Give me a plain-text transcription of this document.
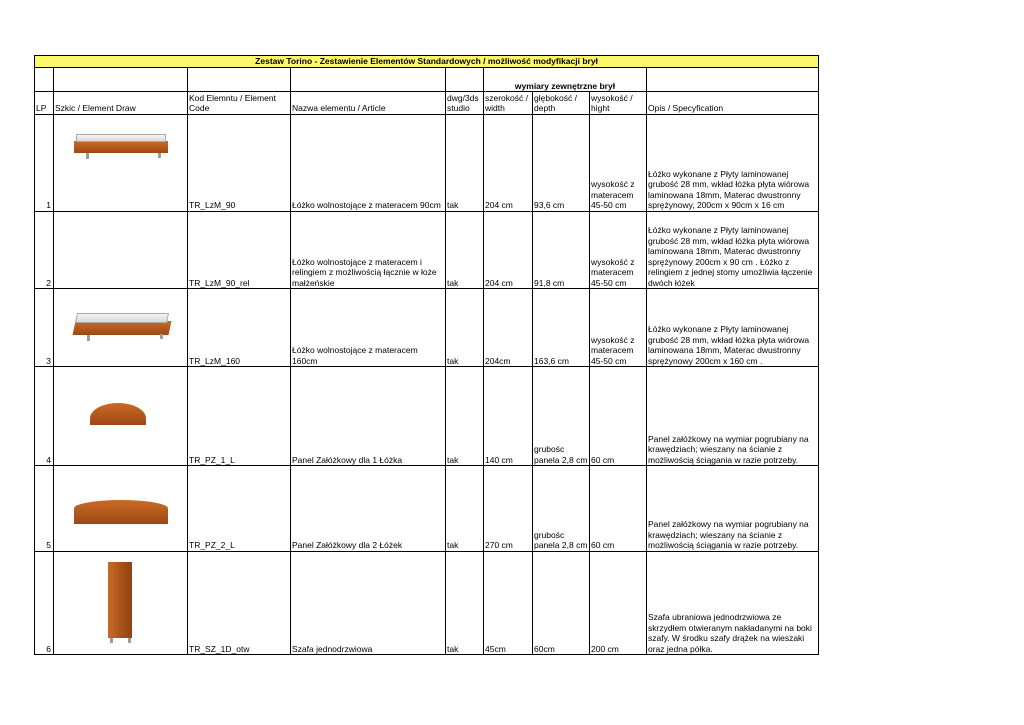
Zestaw Torino - Zestawienie Elementów Standardowych / możliwość modyfikacji brył								
					wymiary zewnętrzne brył			
LP	Szkic / Element Draw	Kod Elemntu / Element Code	Nazwa elementu / Article	dwg/3ds studio	szerokość / width	głębokość / depth	wysokość / hight	Opis / Specyfication
1		TR_LzM_90	Łóżko wolnostojące z materacem 90cm	tak	204 cm	93,6 cm	wysokość z materacem 45-50 cm	Łóżko wykonane z Płyty laminowanej grubość 28 mm, wkład łóżka płyta wiórowa laminowana 18mm, Materac dwustronny sprężynowy, 200cm x 90cm x 16 cm
2		TR_LzM_90_rel	Łóżko wolnostojące z materacem i relingiem z możliwością łącznie w łoże małżeńskie	tak	204 cm	91,8 cm	wysokość z materacem 45-50 cm	Łóżko wykonane z Płyty laminowanej grubość 28 mm, wkład łóżka płyta wiórowa laminowana 18mm, Materac dwustronny sprężynowy 200cm x 90 cm . Łóżko z relingiem z jednej stomy umożliwia łączenie dwóch łóżek
3		TR_LzM_160	Łóżko wolnostojące z materacem 160cm	tak	204cm	163,6 cm	wysokość z materacem 45-50 cm	Łóżko wykonane z Płyty laminowanej grubość 28 mm, wkład łóżka płyta wiórowa laminowana 18mm, Materac dwustronny sprężynowy 200cm x 160 cm .
4		TR_PZ_1_L	Panel Załóżkowy dla 1 Łóżka	tak	140 cm	grubośc panela 2,8 cm	60 cm	Panel załóżkowy na wymiar pogrubiany na krawędziach; wieszany na ścianie z możliwością ściągania w razie potrzeby.
5		TR_PZ_2_L	Panel Załóżkowy dla 2 Łóżek	tak	270 cm	grubośc panela 2,8 cm	60 cm	Panel załóżkowy na wymiar pogrubiany na krawędziach; wieszany na ścianie z możliwością ściągania w razie potrzeby.
6		TR_SZ_1D_otw	Szafa jednodrzwiowa	tak	45cm	60cm	200 cm	Szafa ubraniowa jednodrzwiowa ze skrzydłem otwieranym nakładanymi na boki szafy. W środku szafy drążek na wieszaki oraz jedna półka.
